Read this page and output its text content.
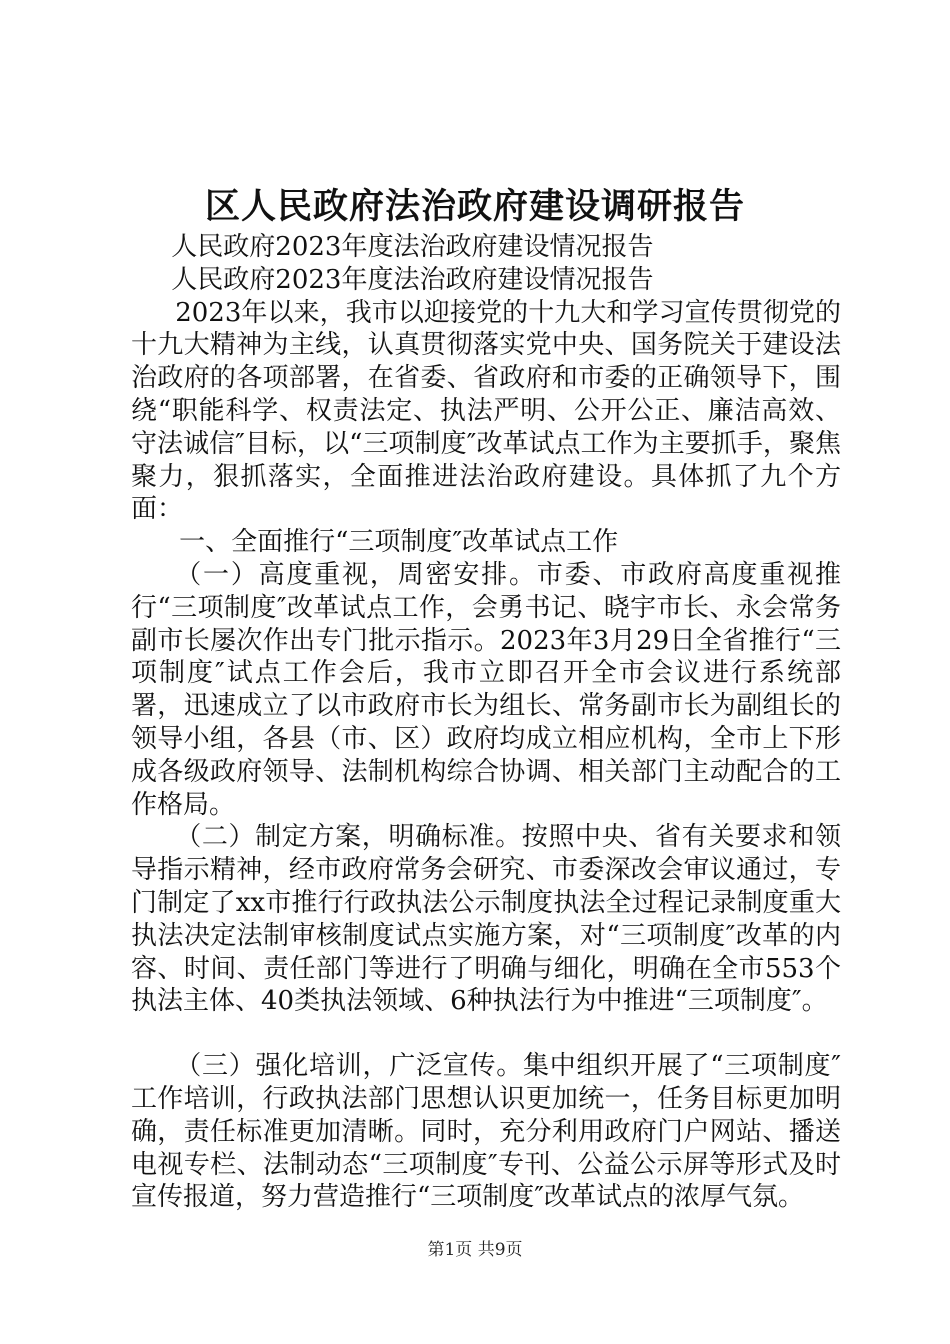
区人民政府法治政府建设调研报告

人民政府2023年度法治政府建设情况报告

人民政府2023年度法治政府建设情况报告

2023年以来，我市以迎接党的十九大和学习宣传贯彻党的十九大精神为主线，认真贯彻落实党中央、国务院关于建设法治政府的各项部署，在省委、省政府和市委的正确领导下，围绕“职能科学、权责法定、执法严明、公开公正、廉洁高效、守法诚信″目标，以“三项制度″改革试点工作为主要抓手，聚焦聚力，狠抓落实，全面推进法治政府建设。具体抓了九个方面：

一、全面推行“三项制度″改革试点工作

（一）高度重视，周密安排。市委、市政府高度重视推行“三项制度″改革试点工作，会勇书记、晓宇市长、永会常务副市长屡次作出专门批示指示。2023年3月29日全省推行“三项制度″试点工作会后，我市立即召开全市会议进行系统部署，迅速成立了以市政府市长为组长、常务副市长为副组长的领导小组，各县（市、区）政府均成立相应机构，全市上下形成各级政府领导、法制机构综合协调、相关部门主动配合的工作格局。

（二）制定方案，明确标准。按照中央、省有关要求和领导指示精神，经市政府常务会研究、市委深改会审议通过，专门制定了xx市推行行政执法公示制度执法全过程记录制度重大执法决定法制审核制度试点实施方案，对“三项制度″改革的内容、时间、责任部门等进行了明确与细化，明确在全市553个执法主体、40类执法领域、6种执法行为中推进“三项制度″。

（三）强化培训，广泛宣传。集中组织开展了“三项制度″工作培训，行政执法部门思想认识更加统一，任务目标更加明确，责任标准更加清晰。同时，充分利用政府门户网站、播送电视专栏、法制动态“三项制度″专刊、公益公示屏等形式及时宣传报道，努力营造推行“三项制度″改革试点的浓厚气氛。

第1页 共9页
